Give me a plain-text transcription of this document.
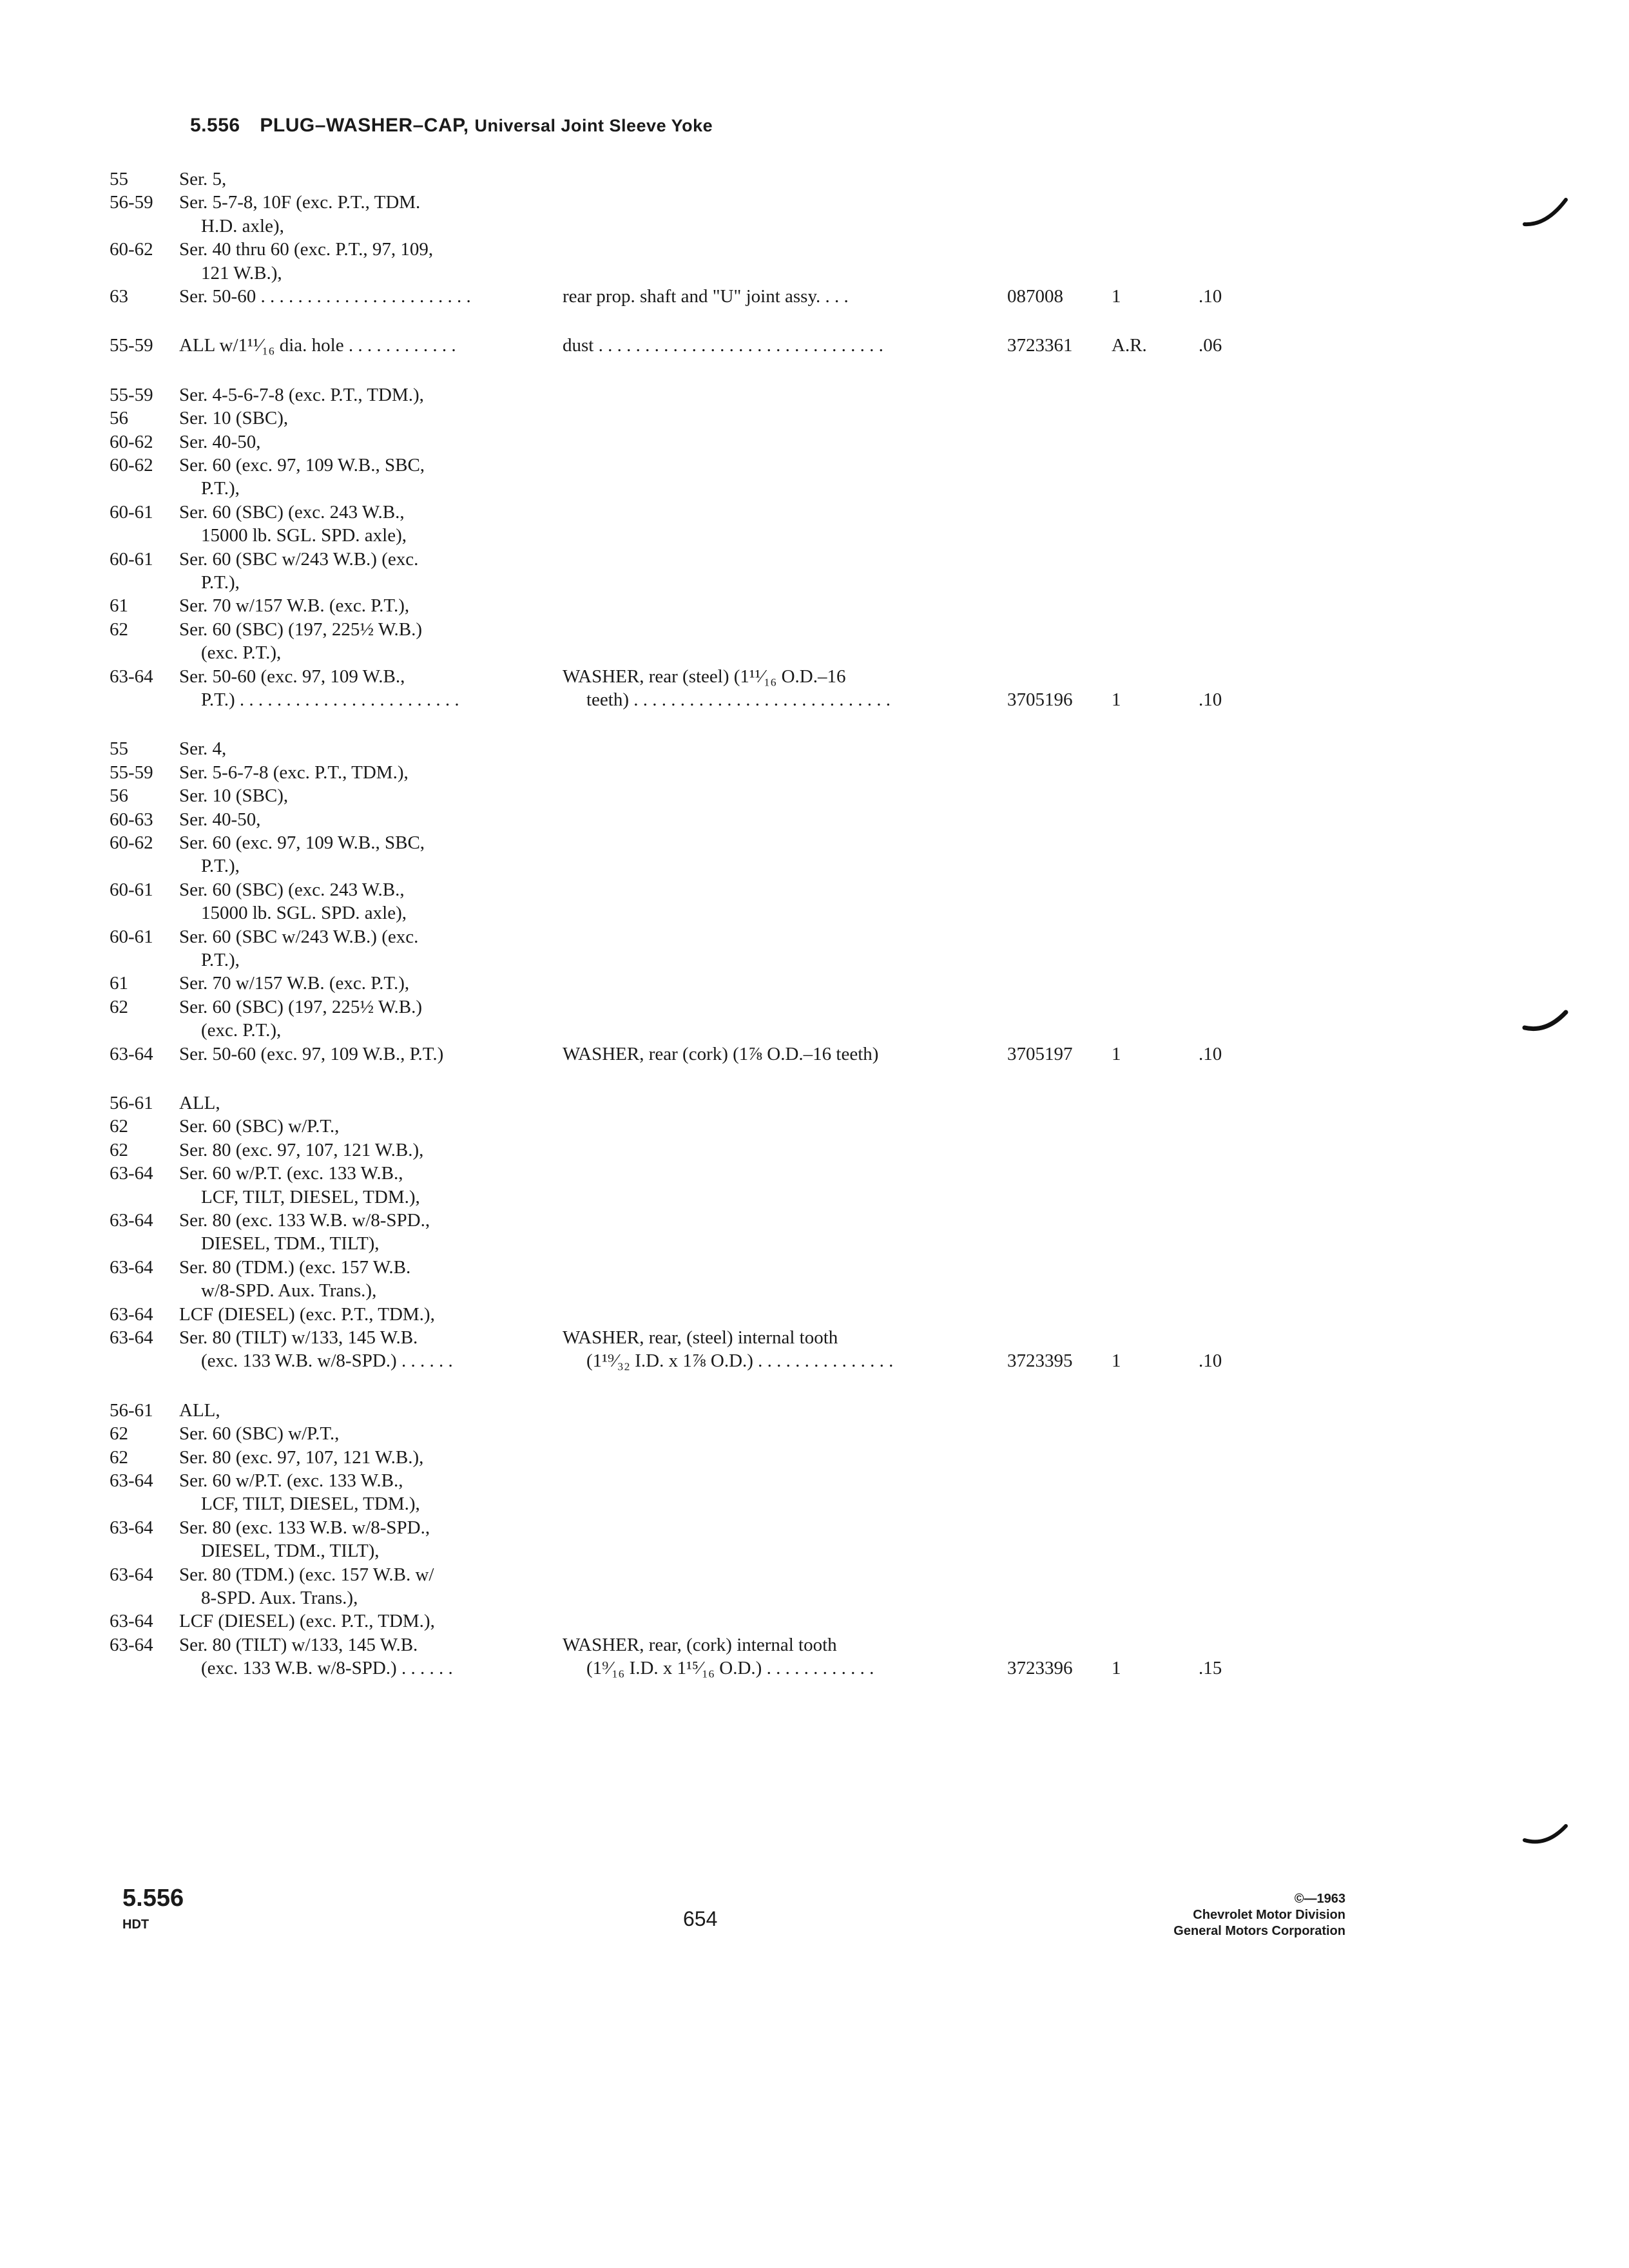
5.556 PLUG–WASHER–CAP, Universal Joint Sleeve Yoke
55	Ser. 5,
56-59	Ser. 5-7-8, 10F (exc. P.T., TDM.
H.D. axle),
60-62	Ser. 40 thru 60 (exc. P.T., 97, 109,
121 W.B.),
63	Ser. 50-60 . . . . . . . . . . . . . . . . . . . . . . .	rear prop. shaft and "U" joint assy. . . .	087008	1	.10
55-59	ALL w/1¹¹⁄₁₆ dia. hole . . . . . . . . . . . .	dust . . . . . . . . . . . . . . . . . . . . . . . . . . . . . . .	3723361	A.R.	.06
55-59	Ser. 4-5-6-7-8 (exc. P.T., TDM.),
56	Ser. 10 (SBC),
60-62	Ser. 40-50,
60-62	Ser. 60 (exc. 97, 109 W.B., SBC,
P.T.),
60-61	Ser. 60 (SBC) (exc. 243 W.B.,
15000 lb. SGL. SPD. axle),
60-61	Ser. 60 (SBC w/243 W.B.) (exc.
P.T.),
61	Ser. 70 w/157 W.B. (exc. P.T.),
62	Ser. 60 (SBC) (197, 225½ W.B.)
(exc. P.T.),
63-64	Ser. 50-60 (exc. 97, 109 W.B.,	WASHER, rear (steel) (1¹¹⁄₁₆ O.D.–16
P.T.) . . . . . . . . . . . . . . . . . . . . . . . .	teeth) . . . . . . . . . . . . . . . . . . . . . . . . . . . .	3705196	1	.10
55	Ser. 4,
55-59	Ser. 5-6-7-8 (exc. P.T., TDM.),
56	Ser. 10 (SBC),
60-63	Ser. 40-50,
60-62	Ser. 60 (exc. 97, 109 W.B., SBC,
P.T.),
60-61	Ser. 60 (SBC) (exc. 243 W.B.,
15000 lb. SGL. SPD. axle),
60-61	Ser. 60 (SBC w/243 W.B.) (exc.
P.T.),
61	Ser. 70 w/157 W.B. (exc. P.T.),
62	Ser. 60 (SBC) (197, 225½ W.B.)
(exc. P.T.),
63-64	Ser. 50-60 (exc. 97, 109 W.B., P.T.)	WASHER, rear (cork) (1⅞ O.D.–16 teeth)	3705197	1	.10
56-61	ALL,
62	Ser. 60 (SBC) w/P.T.,
62	Ser. 80 (exc. 97, 107, 121 W.B.),
63-64	Ser. 60 w/P.T. (exc. 133 W.B.,
LCF, TILT, DIESEL, TDM.),
63-64	Ser. 80 (exc. 133 W.B. w/8-SPD.,
DIESEL, TDM., TILT),
63-64	Ser. 80 (TDM.) (exc. 157 W.B.
w/8-SPD. Aux. Trans.),
63-64	LCF (DIESEL) (exc. P.T., TDM.),
63-64	Ser. 80 (TILT) w/133, 145 W.B.	WASHER, rear, (steel) internal tooth
(exc. 133 W.B. w/8-SPD.) . . . . . .	(1¹⁹⁄₃₂ I.D. x 1⅞ O.D.) . . . . . . . . . . . . . . .	3723395	1	.10
56-61	ALL,
62	Ser. 60 (SBC) w/P.T.,
62	Ser. 80 (exc. 97, 107, 121 W.B.),
63-64	Ser. 60 w/P.T. (exc. 133 W.B.,
LCF, TILT, DIESEL, TDM.),
63-64	Ser. 80 (exc. 133 W.B. w/8-SPD.,
DIESEL, TDM., TILT),
63-64	Ser. 80 (TDM.) (exc. 157 W.B. w/
8-SPD. Aux. Trans.),
63-64	LCF (DIESEL) (exc. P.T., TDM.),
63-64	Ser. 80 (TILT) w/133, 145 W.B.	WASHER, rear, (cork) internal tooth
(exc. 133 W.B. w/8-SPD.) . . . . . .	(1⁹⁄₁₆ I.D. x 1¹⁵⁄₁₆ O.D.) . . . . . . . . . . . .	3723396	1	.15
5.556
HDT	654
©—1963
Chevrolet Motor Division
General Motors Corporation
